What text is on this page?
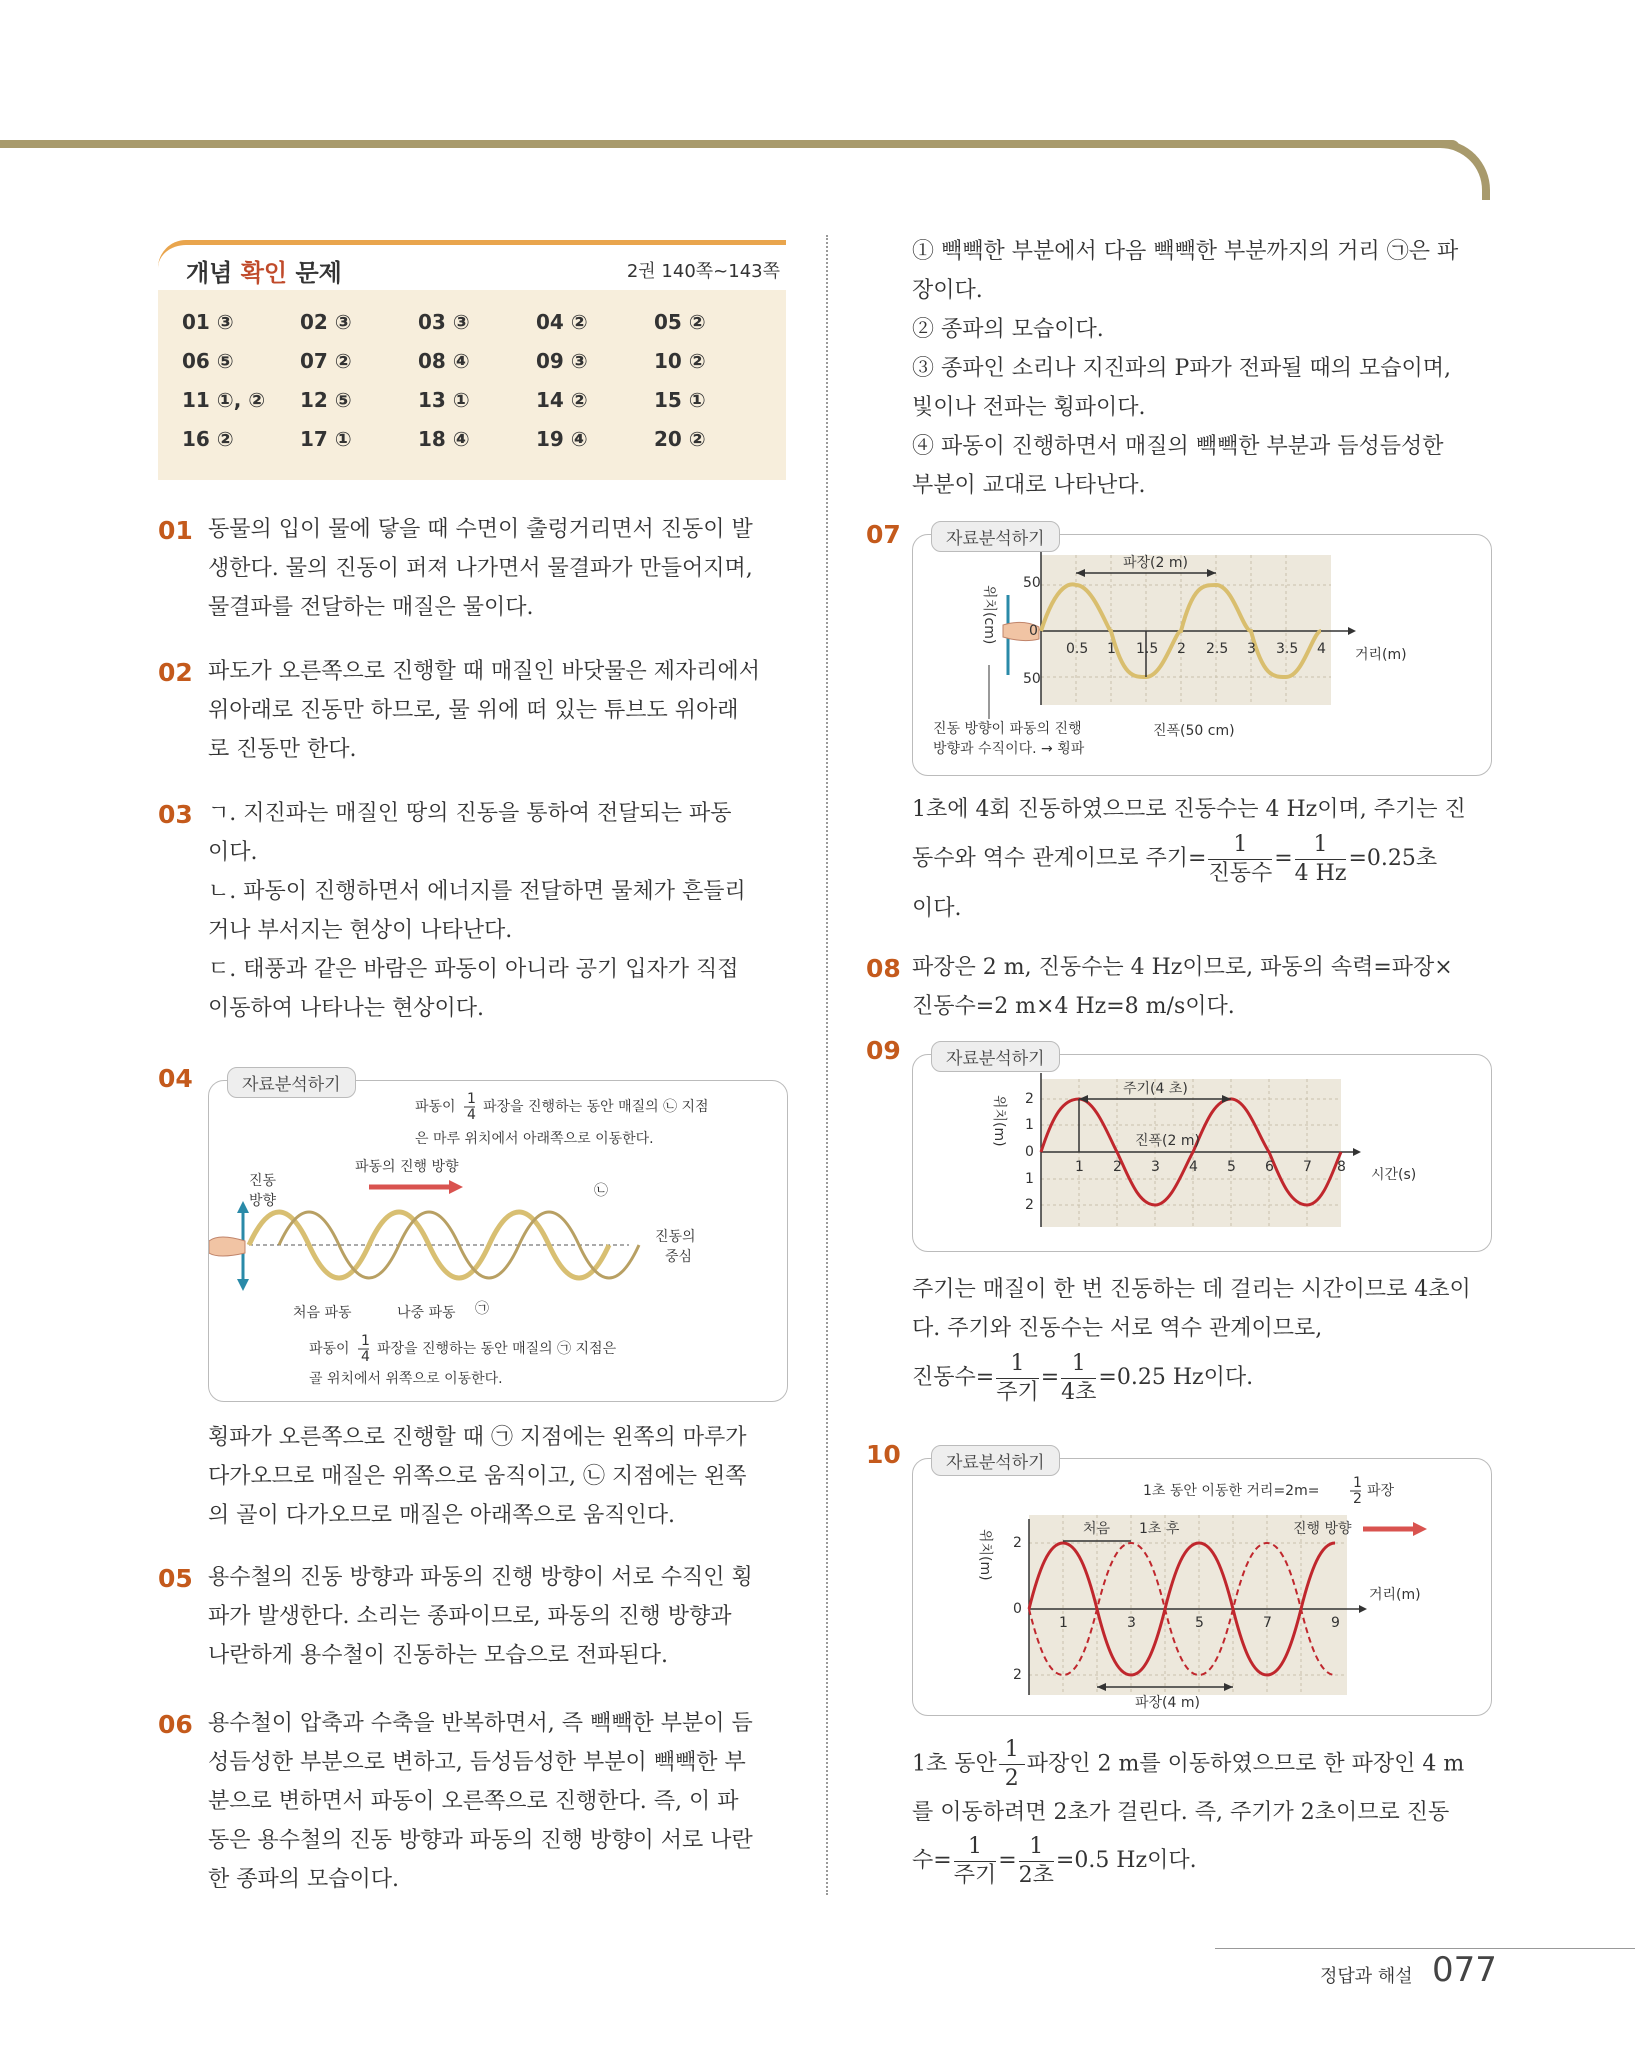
개념 확인 문제	2권 140쪽~143쪽
01 ③	02 ③	03 ③	04 ②	05 ②
06 ⑤	07 ②	08 ④	09 ③	10 ②
11 ①, ②	12 ⑤	13 ①	14 ②	15 ①
16 ②	17 ①	18 ④	19 ④	20 ②
01 동물의 입이 물에 닿을 때 수면이 출렁거리면서 진동이 발

생한다. 물의 진동이 퍼져 나가면서 물결파가 만들어지며,

물결파를 전달하는 매질은 물이다.

02 파도가 오른쪽으로 진행할 때 매질인 바닷물은 제자리에서

위아래로 진동만 하므로, 물 위에 떠 있는 튜브도 위아래

로 진동만 한다.

03 ㄱ. 지진파는 매질인 땅의 진동을 통하여 전달되는 파동

이다.

ㄴ. 파동이 진행하면서 에너지를 전달하면 물체가 흔들리

거나 부서지는 현상이 나타난다.

ㄷ. 태풍과 같은 바람은 파동이 아니라 공기 입자가 직접

이동하여 나타나는 현상이다.

04	자료분석하기
파동이 1
4 파장을 진행하는 동안 매질의 ㉡ 지점
은 마루 위치에서 아래쪽으로 이동한다.
진동
방향
파동의 진행 방향
진동의
중심
㉡
처음 파동	나중 파동 ㉠
파동이 1
4 파장을 진행하는 동안 매질의 ㉠ 지점은
골 위치에서 위쪽으로 이동한다.

횡파가 오른쪽으로 진행할 때 ㉠ 지점에는 왼쪽의 마루가

다가오므로 매질은 위쪽으로 움직이고, ㉡ 지점에는 왼쪽

의 골이 다가오므로 매질은 아래쪽으로 움직인다.

05 용수철의 진동 방향과 파동의 진행 방향이 서로 수직인 횡

파가 발생한다. 소리는 종파이므로, 파동의 진행 방향과

나란하게 용수철이 진동하는 모습으로 전파된다.

06 용수철이 압축과 수축을 반복하면서, 즉 빽빽한 부분이 듬

성듬성한 부분으로 변하고, 듬성듬성한 부분이 빽빽한 부

분으로 변하면서 파동이 오른쪽으로 진행한다. 즉, 이 파

동은 용수철의 진동 방향과 파동의 진행 방향이 서로 나란

한 종파의 모습이다.

① 빽빽한 부분에서 다음 빽빽한 부분까지의 거리 ㉠은 파

장이다.

② 종파의 모습이다.

③ 종파인 소리나 지진파의 P파가 전파될 때의 모습이며,

빛이나 전파는 횡파이다.

④ 파동이 진행하면서 매질의 빽빽한 부분과 듬성듬성한

부분이 교대로 나타난다.

07	자료분석하기
파장(2 m)
진폭(50 cm)
50
0
50
위치(cm)
0.5 1 1.5 2 2.5 3 3.5 4 거리(m)
진동 방향이 파동의 진행
방향과 수직이다. → 횡파

1초에 4회 진동하였으므로 진동수는 4 Hz이며, 주기는 진

동수와 역수 관계이므로 주기= $\frac{1}{\text{진동수}} = \frac{1}{4 Hz} =0.25$초

이다.

08 파장은 2 m, 진동수는 4 Hz이므로, 파동의 속력=파장×

진동수=2 m×4 Hz=8 m/s이다.

09	자료분석하기
주기(4 초)
진폭(2 m)
2
1
0
1
2
위치(m)
1 2 3 4 5 6 7 8 시간(s)

주기는 매질이 한 번 진동하는 데 걸리는 시간이므로 4초이

다. 주기와 진동수는 서로 역수 관계이므로,

진동수= $\frac{1}{\text{주기}} = \frac{1}{\text{4초}} =0.25$ Hz이다.

10	자료분석하기
1초 동안 이동한 거리=2m= 1
2 파장
처음 1초 후	진행 방향
파장(4 m)
2
0
2
위치(m)
1	3	5	7	9
거리(m)

1초 동안 $\frac{1}{2}$ 파장인 2 m를 이동하였으므로 한 파장인 4 m

를 이동하려면 2초가 걸린다. 즉, 주기가 2초이므로 진동

수= $\frac{1}{\text{주기}} = \frac{1}{\text{2초}} =0.5$ Hz이다.

정답과 해설 077
